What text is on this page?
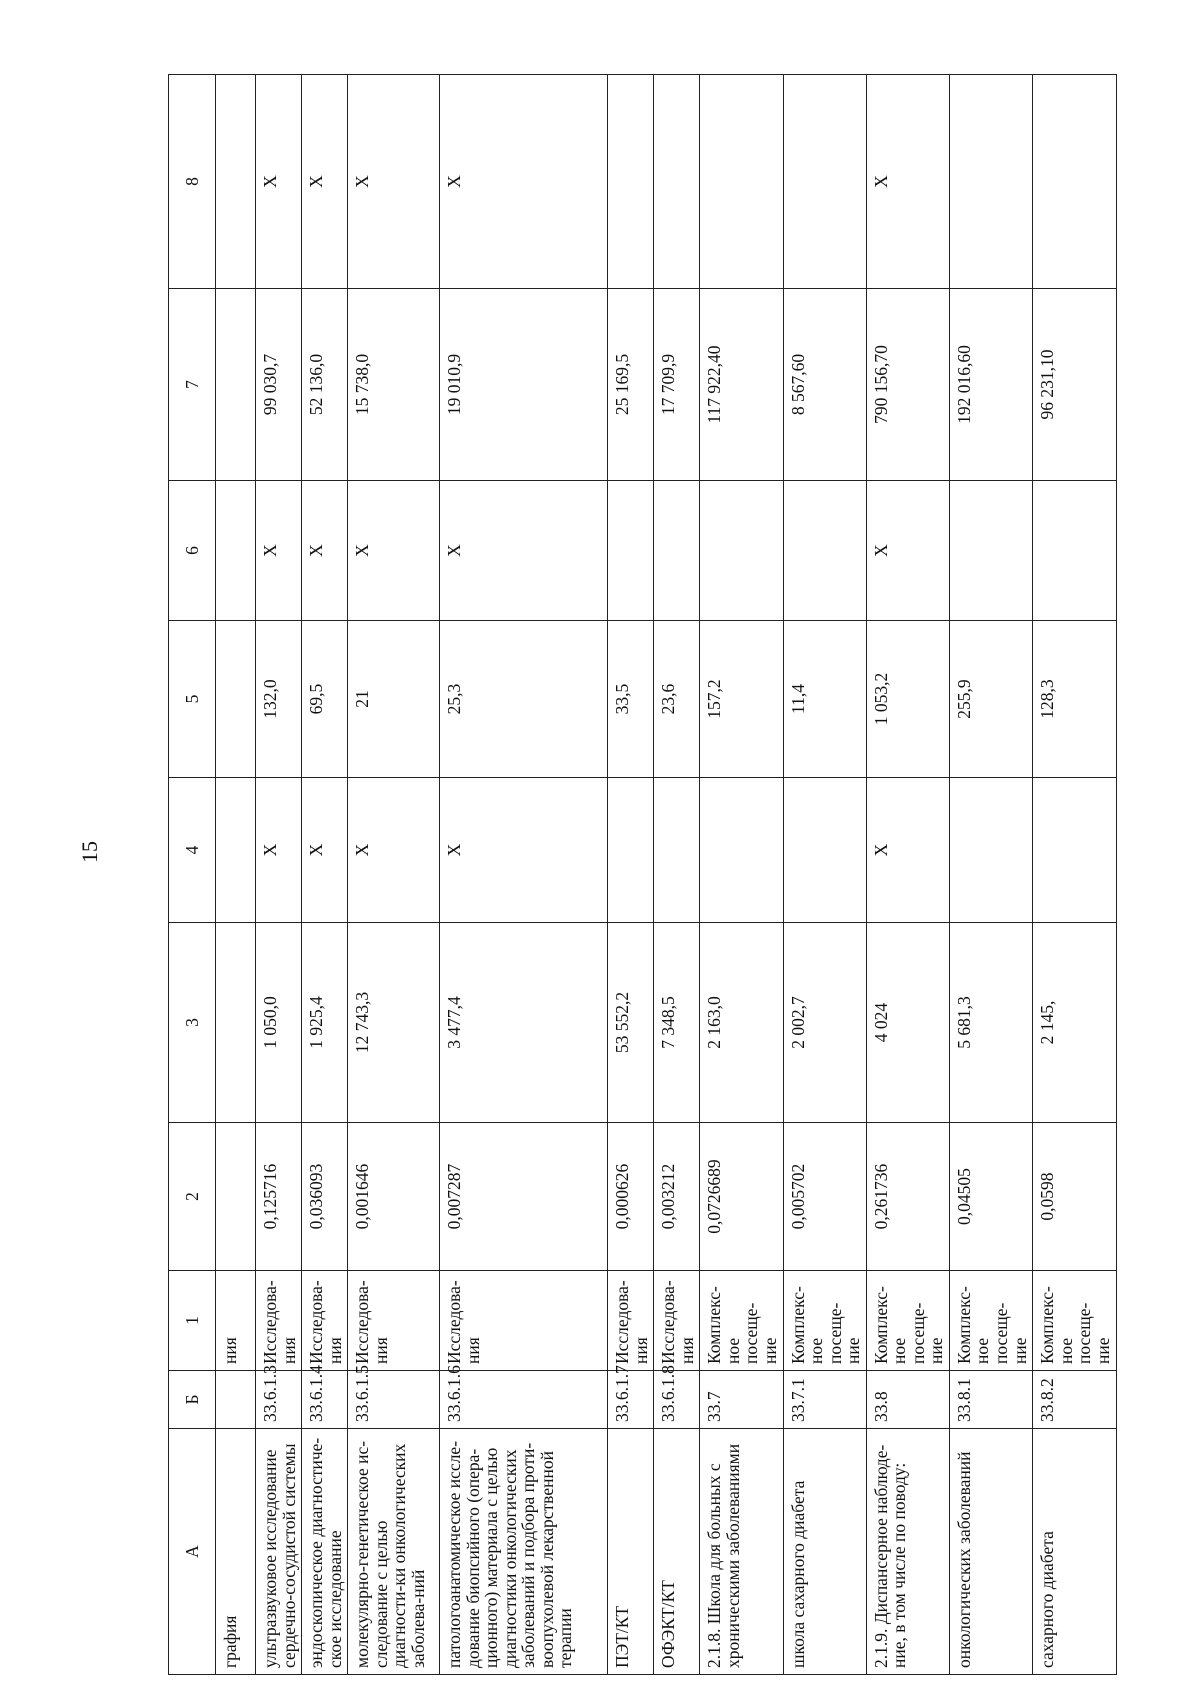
15
А	Б	1	2	3	4	5	6	7	8
графия		ния							
ультразвуковое исследование сердечно-сосудистой системы	33.6.1.3	Исследова-ния	0,125716	1 050,0	Х	132,0	Х	99 030,7	Х
эндоскопическое диагностиче-ское исследование	33.6.1.4	Исследова-ния	0,036093	1 925,4	Х	69,5	Х	52 136,0	Х
молекулярно-генетическое ис-следование с целью диагности-ки онкологических заболева-ний	33.6.1.5	Исследова-ния	0,001646	12 743,3	Х	21	Х	15 738,0	Х
патологоанатомическое иссле-дование биопсийного (опера-ционного) материала с целью диагностики онкологических заболеваний и подбора проти-воопухолевой лекарственной терапии	33.6.1.6	Исследова-ния	0,007287	3 477,4	Х	25,3	Х	19 010,9	Х
ПЭТ/КТ	33.6.1.7	Исследова-ния	0,000626	53 552,2		33,5		25 169,5	
ОФЭКТ/КТ	33.6.1.8	Исследова-ния	0,003212	7 348,5		23,6		17 709,9	
2.1.8. Школа для больных с хроническими заболеваниями	33.7	Комплекс-ное посеще-ние	0,0726689	2 163,0		157,2		117 922,40	
школа сахарного диабета	33.7.1	Комплекс-ное посеще-ние	0,005702	2 002,7		11,4		8 567,60	
2.1.9. Диспансерное наблюде-ние, в том числе по поводу:	33.8	Комплекс-ное посеще-ние	0,261736	4 024	Х	1 053,2	Х	790 156,70	Х
онкологических заболеваний	33.8.1	Комплекс-ное посеще-ние	0,04505	5 681,3		255,9		192 016,60	
сахарного диабета	33.8.2	Комплекс-ное посеще-ние	0,0598	2 145,		128,3		96 231,10	
